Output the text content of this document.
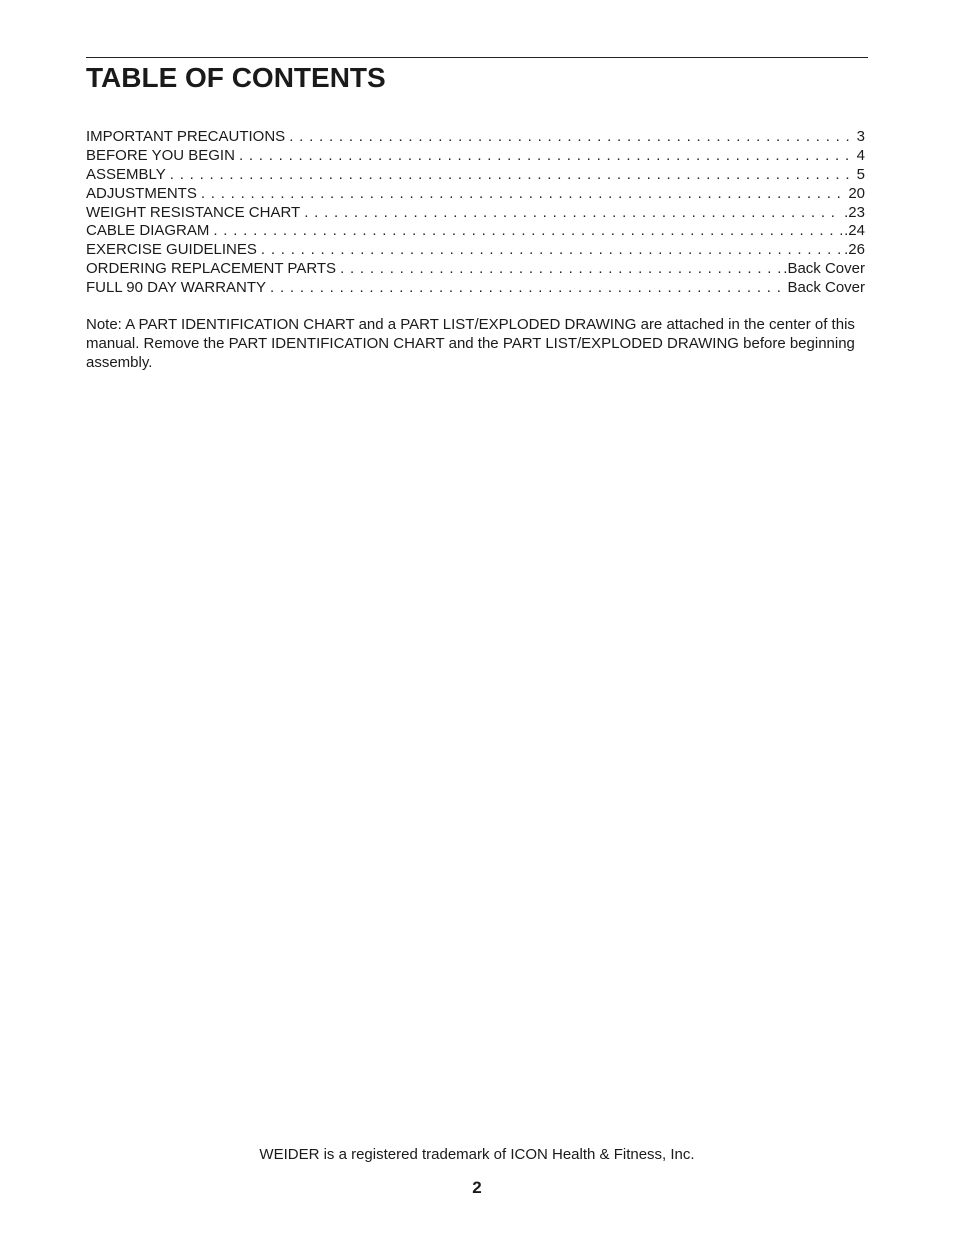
TABLE OF CONTENTS
IMPORTANT PRECAUTIONS . . .	3
BEFORE YOU BEGIN . . .	4
ASSEMBLY . . .	5
ADJUSTMENTS . . .	20
WEIGHT RESISTANCE CHART . . .	.23
CABLE DIAGRAM . . .	.24
EXERCISE GUIDELINES . . .	.26
ORDERING REPLACEMENT PARTS . . .	.Back Cover
FULL 90 DAY WARRANTY . . .	Back Cover

Note: A PART IDENTIFICATION CHART and a PART LIST/EXPLODED DRAWING are attached in the center of this manual. Remove the PART IDENTIFICATION CHART and the PART LIST/EXPLODED DRAWING before beginning assembly.

WEIDER is a registered trademark of ICON Health & Fitness, Inc.

2
